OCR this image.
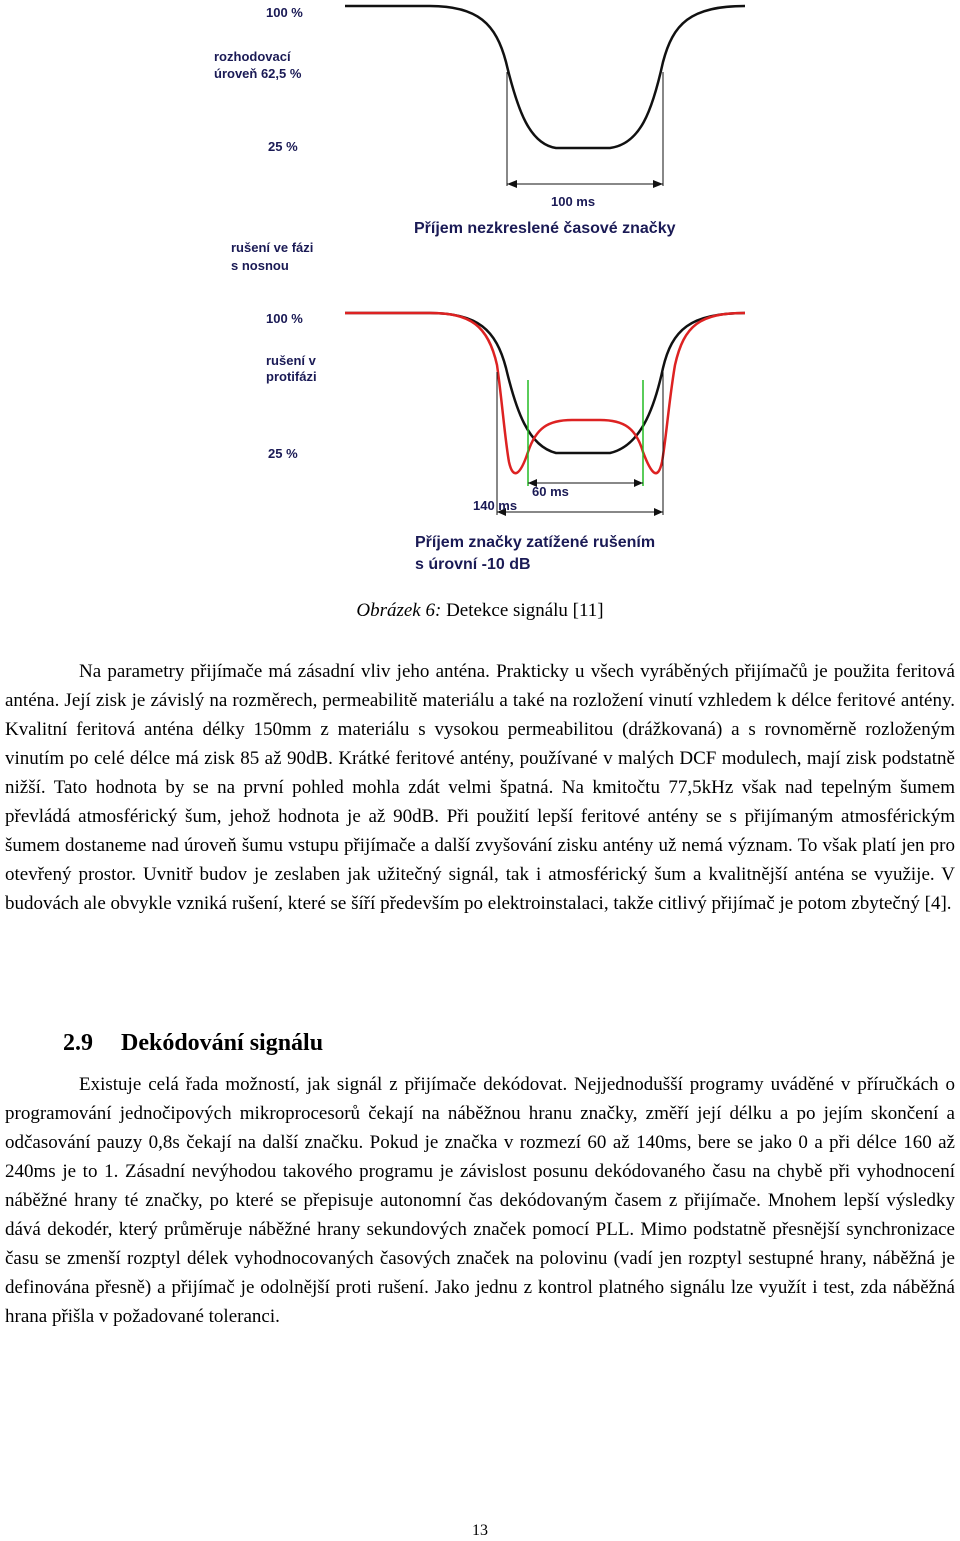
100 %
rozhodovací
úroveň 62,5 %
25 %
100 ms
Příjem nezkreslené časové značky
rušení ve fázi
s nosnou
100 %
rušení v
protifázi
25 %
60 ms
140 ms
Příjem značky zatížené rušením
s úrovní -10 dB
Obrázek 6: Detekce signálu [11]

Na parametry přijímače má zásadní vliv jeho anténa. Prakticky u všech vyráběných přijímačů je použita feritová anténa. Její zisk je závislý na rozměrech, permeabilitě materiálu a také na rozložení vinutí vzhledem k délce feritové antény. Kvalitní feritová anténa délky 150mm z materiálu s vysokou permeabilitou (drážkovaná) a s rovnoměrně rozloženým vinutím po celé délce má zisk 85 až 90dB. Krátké feritové antény, používané v malých DCF modulech, mají zisk podstatně nižší. Tato hodnota by se na první pohled mohla zdát velmi špatná. Na kmitočtu 77,5kHz však nad tepelným šumem převládá atmosférický šum, jehož hodnota je až 90dB. Při použití lepší feritové antény se s přijímaným atmosférickým šumem dostaneme nad úroveň šumu vstupu přijímače a další zvyšování zisku antény už nemá význam. To však platí jen pro otevřený prostor. Uvnitř budov je zeslaben jak užitečný signál, tak i atmosférický šum a kvalitnější anténa se využije. V budovách ale obvykle vzniká rušení, které se šíří především po elektroinstalaci, takže citlivý přijímač je potom zbytečný [4].

2.9 Dekódování signálu

Existuje celá řada možností, jak signál z přijímače dekódovat. Nejjednodušší programy uváděné v příručkách o programování jednočipových mikroprocesorů čekají na náběžnou hranu značky, změří její délku a po jejím skončení a odčasování pauzy 0,8s čekají na další značku. Pokud je značka v rozmezí 60 až 140ms, bere se jako 0 a při délce 160 až 240ms je to 1. Zásadní nevýhodou takového programu je závislost posunu dekódovaného času na chybě při vyhodnocení náběžné hrany té značky, po které se přepisuje autonomní čas dekódovaným časem z přijímače. Mnohem lepší výsledky dává dekodér, který průměruje náběžné hrany sekundových značek pomocí PLL. Mimo podstatně přesnější synchronizace času se zmenší rozptyl délek vyhodnocovaných časových značek na polovinu (vadí jen rozptyl sestupné hrany, náběžná je definována přesně) a přijímač je odolnější proti rušení. Jako jednu z kontrol platného signálu lze využít i test, zda náběžná hrana přišla v požadované toleranci.

13
